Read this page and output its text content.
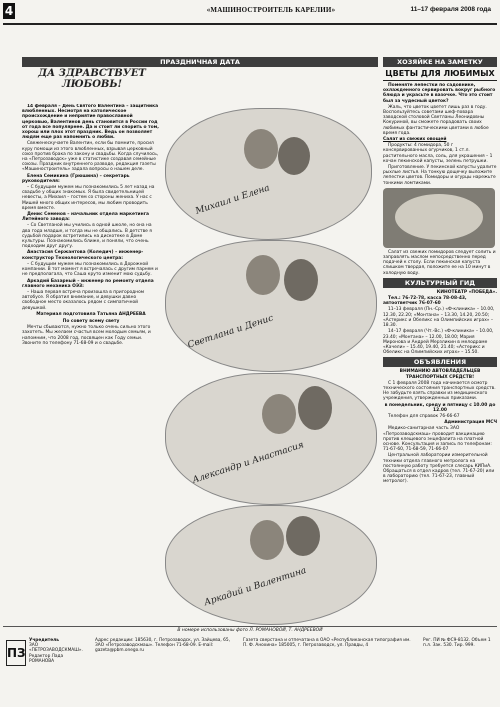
4	«МАШИНОСТРОИТЕЛЬ КАРЕЛИИ»	11–17 февраля 2008 года
ПРАЗДНИЧНАЯ ДАТА
ДА ЗДРАВСТВУЕТ ЛЮБОВЬ!

14 февраля – День Святого Валентина – защитника влюбленных. Несмотря на католическое происхождение и неприятие православной церковью, Валентинов день становится в России год от года все популярнее. Да и стоит ли спорить о том, хорош или плох этот праздник. Ведь он позволяет людям еще раз напомнить о любви.

Свеженескучаете Валентин, если бы помните, просил куру помощи из этого влюбленных, взрывая церковный союз против брака по закону и свадьбы. Когда случилось, на «Петрозаводск» уже в статистике создавая семейные союзы. Праздник внутреннего разводе, редакция газеты «Машиностроитель» задала вопросы о нашем деле.

Елена Семикина (Грюшина) – секретарь руководителя:

– С будущим мужем мы познакомились 5 лет назад на свадьбе у общих знакомых. Я была свидетельницей невесты, а Михаил – гостем со стороны жениха. У нас с Мишей много общих интересов, мы любим проводить время вместе.

Денис Семенов – начальник отдела маркетинга Литейного завода:

– Со Светланой мы учились в одной школе, но она на два года младше, и тогда мы не общались. В детстве я судьбой подарок встретились на дискотеке в Доме культуры. Познакомились ближе, и поняли, что очень подходим друг другу.

Анастасия Сержантова (Коледич) – инженер-конструктор Технологического центра:

– С будущим мужем мы познакомились в Дорожной компании. В тот момент я встречалась с другим парнем и не предполагала, что Саша круто изменит мою судьбу.

Аркадий Базарный – инженер по ремонту отдела главного механика ОЭЗ:

– Наша первая встреча произошла в пригородном автобусе. Я обратил внимание, и девушки давно свободное место оказалось рядом с симпатичной девушкой.

Материал подготовила Татьяна АНДРЕЕВА

По совету всему свету

Мечты сбываются, нужно только очень сильно этого захотеть. Мы желаем счастья всем молодым семьям, и напомним, что 2008 год, посвящен как Году семьи. Звоните по телефону 71-68-09 и о свадьбе.

Михаил и Елена
Светлана и Денис
Александр и Анастасия
Аркадий и Валентина
ХОЗЯЙКЕ НА ЗАМЕТКУ
ЦВЕТЫ ДЛЯ ЛЮБИМЫХ

Поменяте лепестки по садовнике, охлажденного сервировать вокруг рыбного блюда и украсьте в вазочке. Что это стоит был за чудесный цветок?

Жаль, что цветок цветет лишь раз в году. Воспользуйтесь советами шеф-повара заводской столовой Светланы Леонидовны Кокуриной, вы сможете порадовать своих любимых фантастическими цветами в любое время года.

Салат из свежих овощей

Продукты: 4 помидора, 50 г консервированных огурчиков, 1 ст.л. растительного масла, соль, для украшения – 1 кочан пекинской капусты, зелень петрушки.

Приготовление. У пекинской капусты удалите рыхлые листья. На тонкую дощечку выложите лепестки цветов. Помидоры и огурцы нарежьте тонкими ломтиками.

Салат из свежих помидоров следует солить и заправлять маслом непосредственно перед подачей к столу. Если пекинская капуста слишком твердая, положите ее на 10 минут в холодную воду.

КУЛЬТУРНЫЙ ГИД

КИНОТЕАТР «ПОБЕДА».

Тел.: 76-72-78, касса 78-08-43, автоответчик 76-07-60

11–13 февраля (Пн.-Ср.) «Ф-клиника» – 10.00, 12.30, 22.20; «Монтана» – 13.30, 14.20, 20.50; «Астерикс и Обеликс на Олимпийских играх» – 18.30.

14–17 февраля (Чт.-Вс.) «Ф-клиника» – 10.00, 23.40; «Монтана» – 12.00, 18.00; Мария Миронова и Андрей Мерзликин в мелодраме «Качели» – 15.40, 19.40, 21.40; «Астерикс и Обеликс на Олимпийских играх» – 15.50.

ОБЪЯВЛЕНИЯ

ВНИМАНИЮ АВТОВЛАДЕЛЬЦЕВ ТРАНСПОРТНЫХ СРЕДСТВ!

С 1 февраля 2008 года начинается осмотр технического состояния транспортных средств. Не забудьте взять справки из медицинского учреждения, утвержденных приказами.

в понедельник, среду и пятницу с 10.00 до 12.00

Телефон для справок 76-66-67

Администрация МСЧ

Медико-санитарная часть ЗАО «Петрозаводскмаш» проводит вакцинацию против клещевого энцефалита на платной основе. Консультация и запись по телефонам: 71-67-60, 71-68-59, 71-66-07

Центральной лаборатории измерительной техники отдела главного метролога на постоянную работу требуется слесарь КИПиА. Обращаться в отдел кадров (тел. 71-67-20) или в лабораторию (тел. 71-67-23, главный метролог).

В номере использованы фото Л. РОМАНОВОЙ, Т. АНДРЕЕВОЙ
ПЗ
Учредитель
ЗАО «ПЕТРОЗАВОДСКМАШ». Редактор Лада РОМАНОВА
Адрес редакции: 185630, г. Петрозаводск, ул. Зайцева, 65, ЗАО «Петрозаводскмаш». Телефон 71-68-09. E-mail: gazeta@pbm.onego.ru
Газета сверстана и отпечатана в ОАО «Республиканская типография им. П. Ф. Анохина» 185005, г. Петрозаводск, ул. Правды, 4
Рег. ПИ № ФС9-8132. Объем 1 п.л. Зак. 530. Тир. 999.
